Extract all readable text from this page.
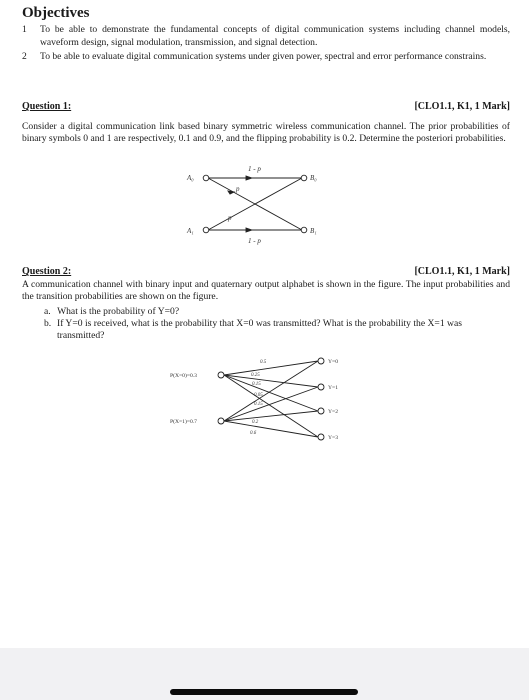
Objectives
1 To be able to demonstrate the fundamental concepts of digital communication systems including channel models, waveform design, signal modulation, transmission, and signal detection.
2 To be able to evaluate digital communication systems under given power, spectral and error performance constrains.
Question 1:	[CLO1.1, K1, 1 Mark]
Consider a digital communication link based binary symmetric wireless communication channel. The prior probabilities of binary symbols 0 and 1 are respectively, 0.1 and 0.9, and the flipping probability is 0.2. Determine the posteriori probabilities.
A₀
A₁
B₀
B₁
1 - p
1 - p
p
p
Question 2:	[CLO1.1, K1, 1 Mark]
A communication channel with binary input and quaternary output alphabet is shown in the figure. The input probabilities and the transition probabilities are shown on the figure.
a. What is the probability of Y=0?
b. If Y=0 is received, what is the probability that X=0 was transmitted? What is the probability the X=1 was transmitted?
P(X=0)=0.3
P(X=1)=0.7
Y=0
Y=1
Y=2
Y=3
0.5
0.25
0.15
0.05
0.15
0.2
0.6
